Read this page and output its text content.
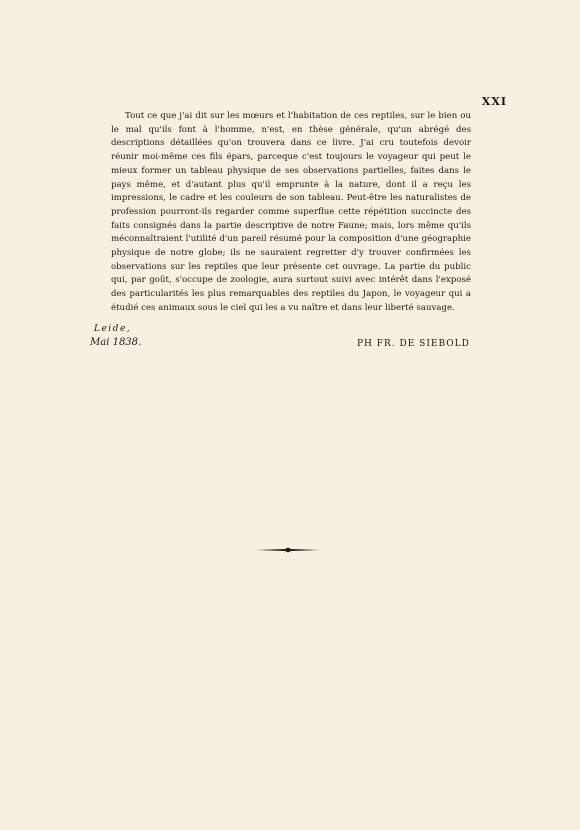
XXI

Tout ce que j'ai dit sur les mœurs et l'habitation de ces reptiles, sur le bien ou le mal qu'ils font à l'homme, n'est, en thèse générale, qu'un abrégé des descriptions détaillées qu'on trouvera dans ce livre. J'ai cru toutefois devoir réunir moi-même ces fils épars, parceque c'est toujours le voyageur qui peut le mieux former un tableau physique de ses observations partielles, faites dans le pays même, et d'autant plus qu'il emprunte à la nature, dont il a reçu les impressions, le cadre et les couleurs de son tableau. Peut-être les naturalistes de profession pourront-ils regarder comme superflue cette répétition succincte des faits consignés dans la partie descriptive de notre Faune; mais, lors même qu'ils méconnaîtraient l'utilité d'un pareil résumé pour la composition d'une géographie physique de notre globe; ils ne sauraient regretter d'y trouver confirmées les observations sur les reptiles que leur présente cet ouvrage. La partie du public qui, par goût, s'occupe de zoologie, aura surtout suivi avec intérêt dans l'exposé des particularités les plus remarquables des reptiles du Japon, le voyageur qui a étudié ces animaux sous le ciel qui les a vu naître et dans leur liberté sauvage.

Leide,
Mai 1838.	PH FR. DE SIEBOLD
